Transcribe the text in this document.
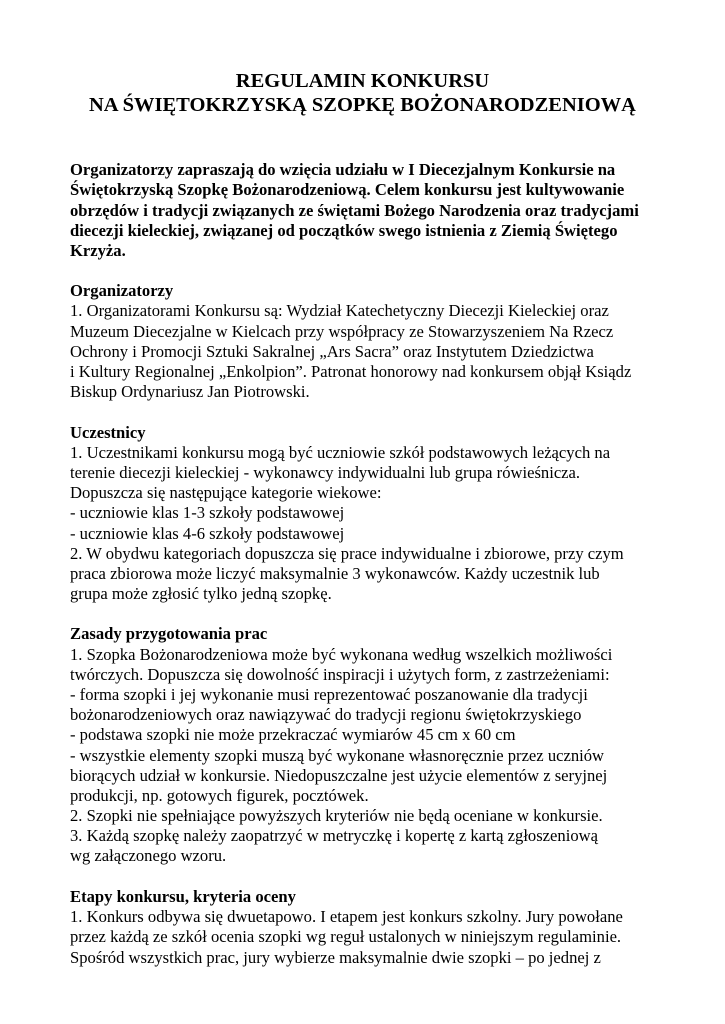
REGULAMIN KONKURSU
NA ŚWIĘTOKRZYSKĄ SZOPKĘ BOŻONARODZENIOWĄ
Organizatorzy zapraszają do wzięcia udziału w I Diecezjalnym Konkursie na
Świętokrzyską Szopkę Bożonarodzeniową. Celem konkursu jest kultywowanie
obrzędów i tradycji związanych ze świętami Bożego Narodzenia oraz tradycjami
diecezji kieleckiej, związanej od początków swego istnienia z Ziemią Świętego
Krzyża.
Organizatorzy
1. Organizatorami Konkursu są: Wydział Katechetyczny Diecezji Kieleckiej oraz
Muzeum Diecezjalne w Kielcach przy współpracy ze Stowarzyszeniem Na Rzecz
Ochrony i Promocji Sztuki Sakralnej „Ars Sacra” oraz Instytutem Dziedzictwa
i Kultury Regionalnej „Enkolpion”. Patronat honorowy nad konkursem objął Ksiądz
Biskup Ordynariusz Jan Piotrowski.
Uczestnicy
1. Uczestnikami konkursu mogą być uczniowie szkół podstawowych leżących na
terenie diecezji kieleckiej - wykonawcy indywidualni lub grupa rówieśnicza.
Dopuszcza się następujące kategorie wiekowe:
- uczniowie klas 1-3 szkoły podstawowej
- uczniowie klas 4-6 szkoły podstawowej
2. W obydwu kategoriach dopuszcza się prace indywidualne i zbiorowe, przy czym
praca zbiorowa może liczyć maksymalnie 3 wykonawców. Każdy uczestnik lub
grupa może zgłosić tylko jedną szopkę.
Zasady przygotowania prac
1. Szopka Bożonarodzeniowa może być wykonana według wszelkich możliwości
twórczych. Dopuszcza się dowolność inspiracji i użytych form, z zastrzeżeniami:
- forma szopki i jej wykonanie musi reprezentować poszanowanie dla tradycji
bożonarodzeniowych oraz nawiązywać do tradycji regionu świętokrzyskiego
- podstawa szopki nie może przekraczać wymiarów 45 cm x 60 cm
- wszystkie elementy szopki muszą być wykonane własnoręcznie przez uczniów
biorących udział w konkursie. Niedopuszczalne jest użycie elementów z seryjnej
produkcji, np. gotowych figurek, pocztówek.
2. Szopki nie spełniające powyższych kryteriów nie będą oceniane w konkursie.
3. Każdą szopkę należy zaopatrzyć w metryczkę i kopertę z kartą zgłoszeniową
wg załączonego wzoru.
Etapy konkursu, kryteria oceny
1. Konkurs odbywa się dwuetapowo. I etapem jest konkurs szkolny. Jury powołane
przez każdą ze szkół ocenia szopki wg reguł ustalonych w niniejszym regulaminie.
Spośród wszystkich prac, jury wybierze maksymalnie dwie szopki – po jednej z
